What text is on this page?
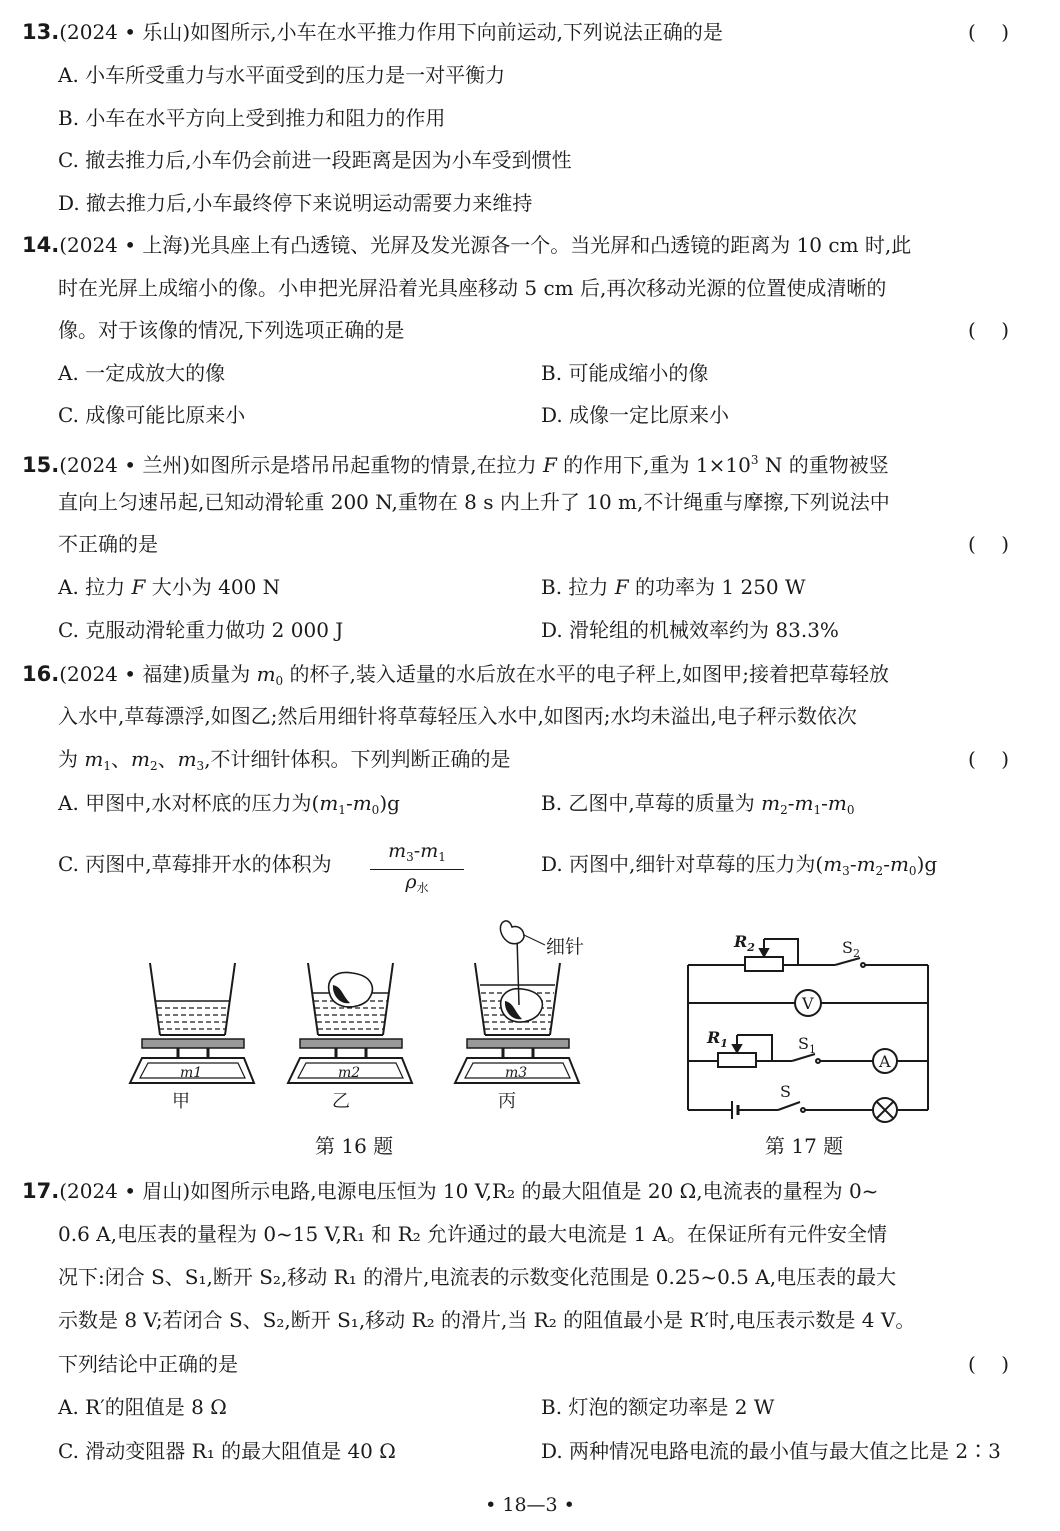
13.(2024 • 乐山)如图所示,小车在水平推力作用下向前运动,下列说法正确的是	(    )
A. 小车所受重力与水平面受到的压力是一对平衡力
B. 小车在水平方向上受到推力和阻力的作用
C. 撤去推力后,小车仍会前进一段距离是因为小车受到惯性
D. 撤去推力后,小车最终停下来说明运动需要力来维持
14.(2024 • 上海)光具座上有凸透镜、光屏及发光源各一个。当光屏和凸透镜的距离为 10 cm 时,此
时在光屏上成缩小的像。小申把光屏沿着光具座移动 5 cm 后,再次移动光源的位置使成清晰的
像。对于该像的情况,下列选项正确的是	(    )
A. 一定成放大的像	B. 可能成缩小的像
C. 成像可能比原来小	D. 成像一定比原来小
15.(2024 • 兰州)如图所示是塔吊吊起重物的情景,在拉力 F 的作用下,重为 $1\times 10^3$ N 的重物被竖
直向上匀速吊起,已知动滑轮重 200 N,重物在 8 s 内上升了 10 m,不计绳重与摩擦,下列说法中
不正确的是	(    )
A. 拉力 F 大小为 400 N	B. 拉力 F 的功率为 1 250 W
C. 克服动滑轮重力做功 2 000 J	D. 滑轮组的机械效率约为 83.3%
16.(2024 • 福建)质量为 $m_0$ 的杯子,装入适量的水后放在水平的电子秤上,如图甲;接着把草莓轻放
入水中,草莓漂浮,如图乙;然后用细针将草莓轻压入水中,如图丙;水均未溢出,电子秤示数依次
为 $m_1$、$m_2$、$m_3$,不计细针体积。下列判断正确的是	(    )
A. 甲图中,水对杯底的压力为$(m_1-m_0)g$	B. 乙图中,草莓的质量为 $m_2-m_1-m_0$
C. 丙图中,草莓排开水的体积为
$m_3-m_1$
$\rho_水$
D. 丙图中,细针对草莓的压力为$(m_3-m_2-m_0)g$
细针
m1	m2	m3
甲	乙	丙
第 16 题
$R_2$	$S_2$
V
$R_1$	$S_1$
A
S
第 17 题
17.(2024 • 眉山)如图所示电路,电源电压恒为 10 V,R₂ 的最大阻值是 20 Ω,电流表的量程为 0~
0.6 A,电压表的量程为 0~15 V,R₁ 和 R₂ 允许通过的最大电流是 1 A。在保证所有元件安全情
况下:闭合 S、S₁,断开 S₂,移动 R₁ 的滑片,电流表的示数变化范围是 0.25~0.5 A,电压表的最大
示数是 8 V;若闭合 S、S₂,断开 S₁,移动 R₂ 的滑片,当 R₂ 的阻值最小是 R′时,电压表示数是 4 V。
下列结论中正确的是	(    )
A. R′的阻值是 8 Ω	B. 灯泡的额定功率是 2 W
C. 滑动变阻器 R₁ 的最大阻值是 40 Ω	D. 两种情况电路电流的最小值与最大值之比是 2∶3
• 18—3 •
